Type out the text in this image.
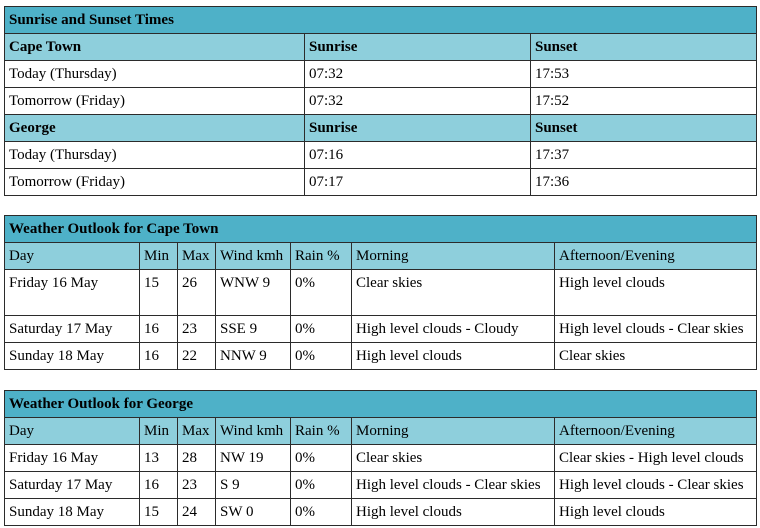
Sunrise and Sunset Times		
Cape Town	Sunrise	Sunset
Today (Thursday)	07:32	17:53
Tomorrow (Friday)	07:32	17:52
George	Sunrise	Sunset
Today (Thursday)	07:16	17:37
Tomorrow (Friday)	07:17	17:36
Weather Outlook for Cape Town						
Day	Min	Max	Wind kmh	Rain %	Morning	Afternoon/Evening
Friday 16 May	15	26	WNW 9	0%	Clear skies	High level clouds
Saturday 17 May	16	23	SSE 9	0%	High level clouds - Cloudy	High level clouds - Clear skies
Sunday 18 May	16	22	NNW 9	0%	High level clouds	Clear skies
Weather Outlook for George						
Day	Min	Max	Wind kmh	Rain %	Morning	Afternoon/Evening
Friday 16 May	13	28	NW 19	0%	Clear skies	Clear skies - High level clouds
Saturday 17 May	16	23	S 9	0%	High level clouds - Clear skies	High level clouds - Clear skies
Sunday 18 May	15	24	SW 0	0%	High level clouds	High level clouds
